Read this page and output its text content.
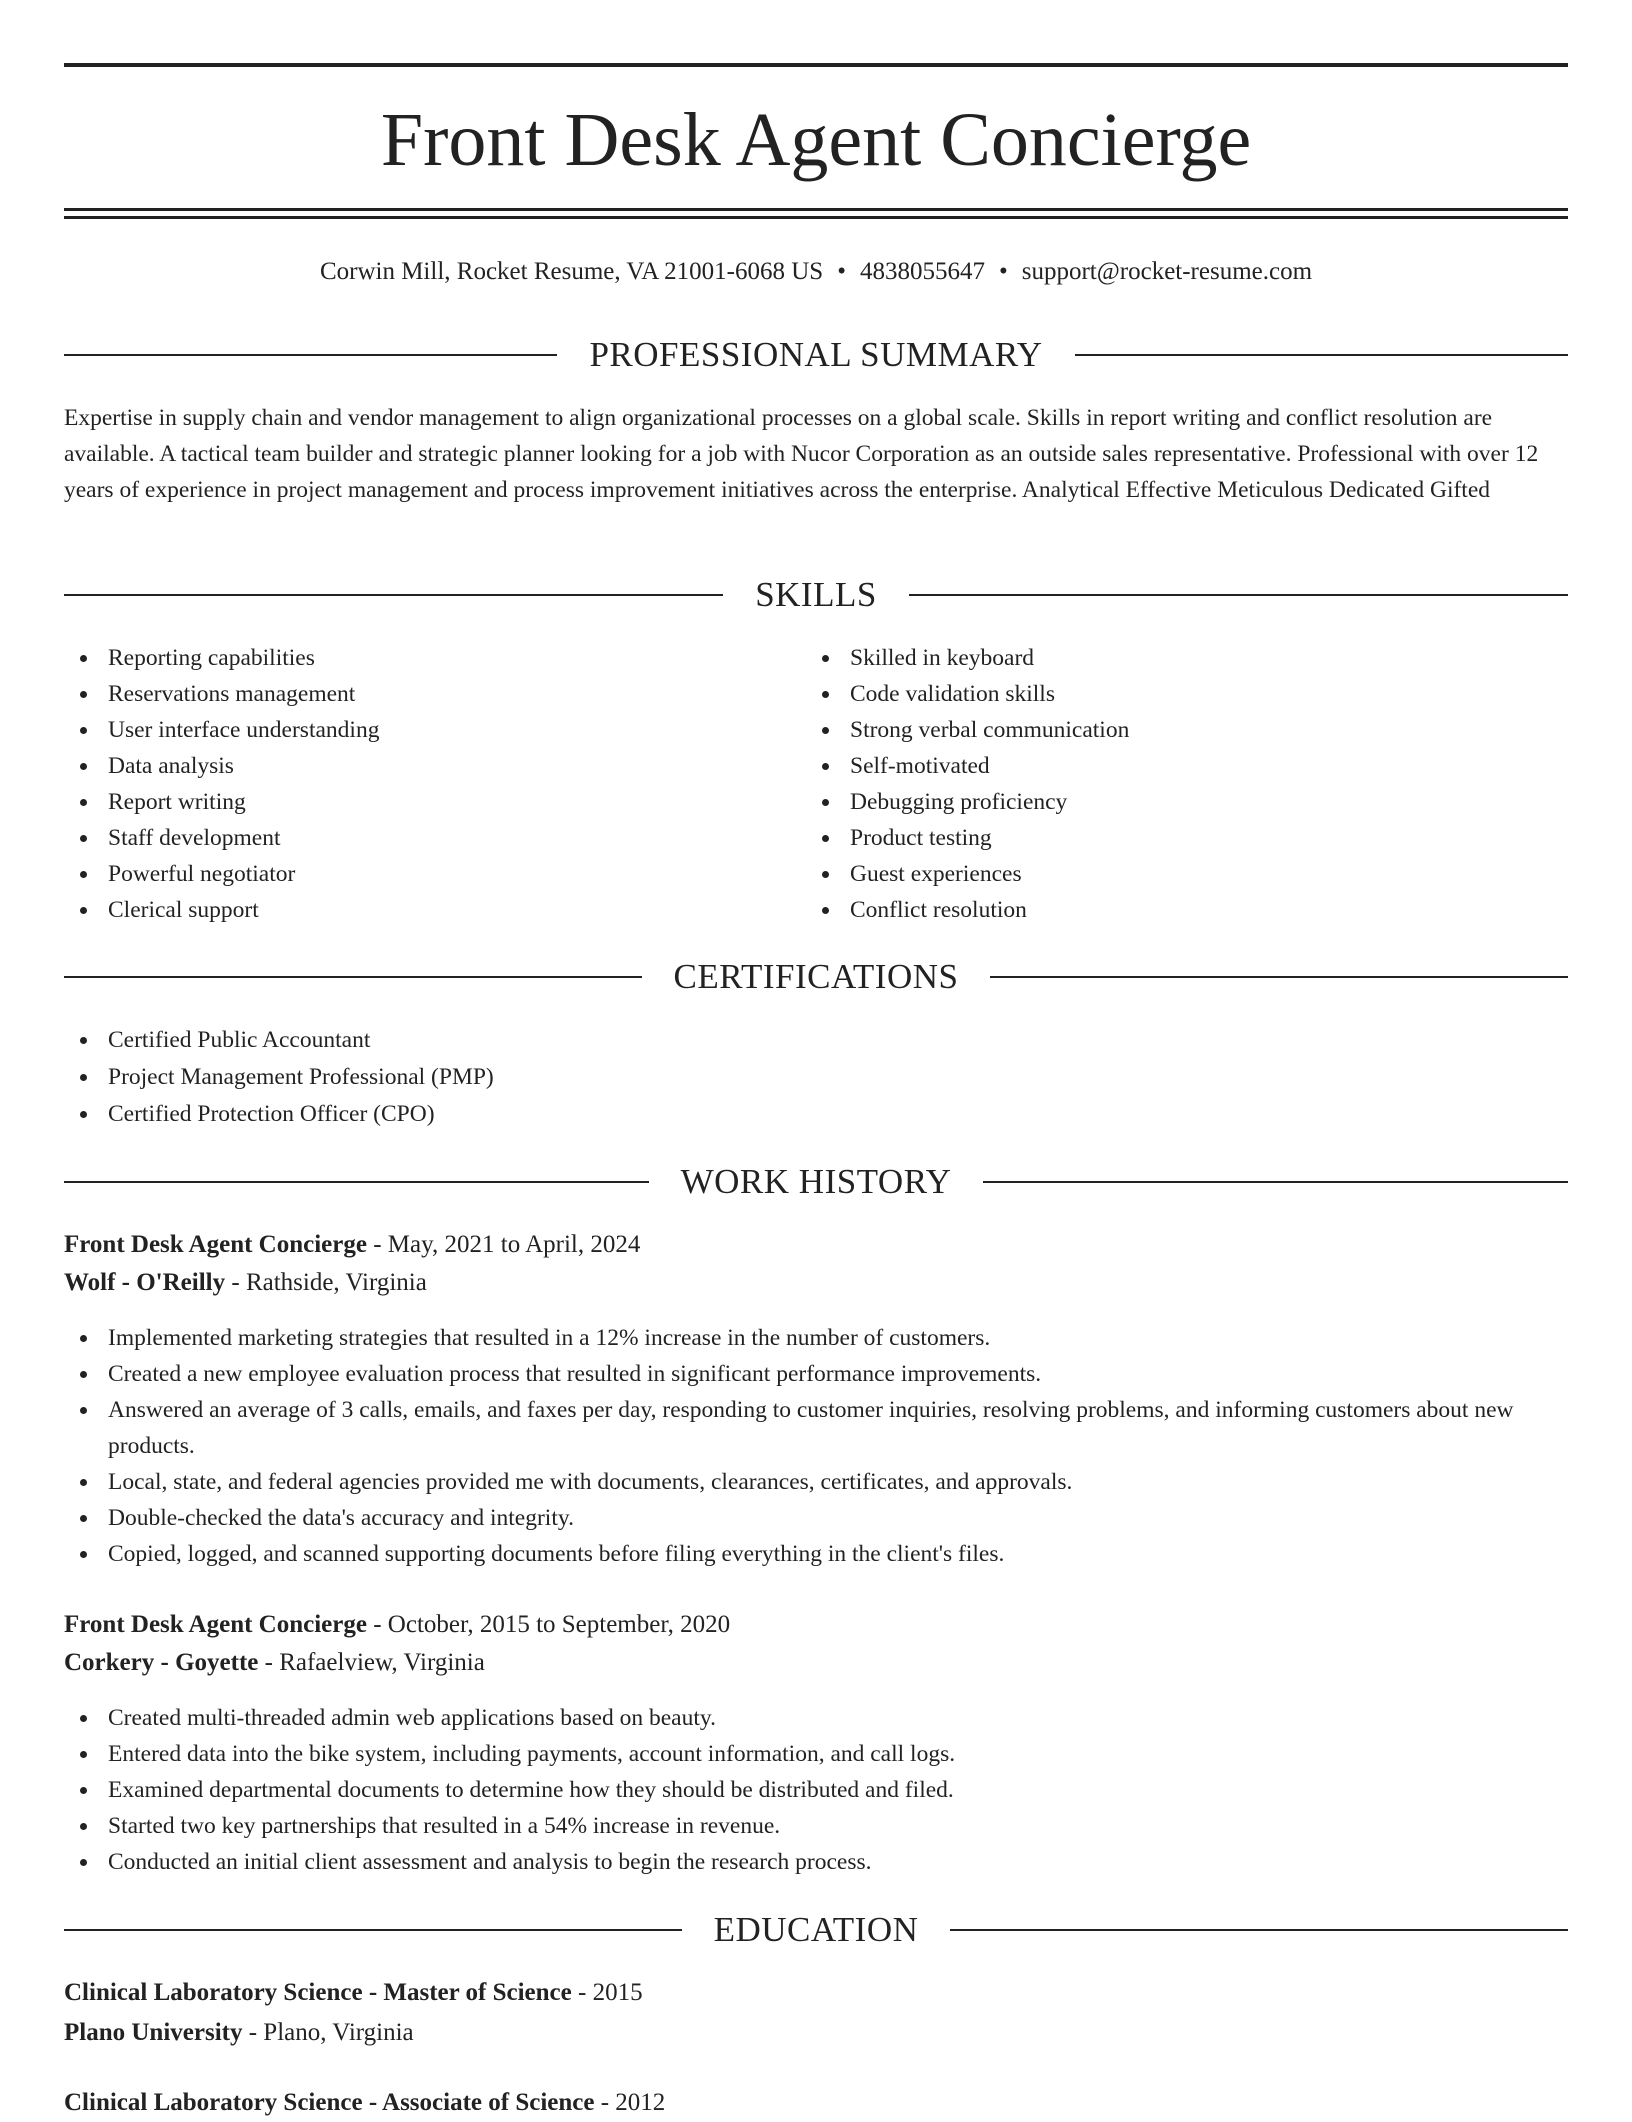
Front Desk Agent Concierge
Corwin Mill, Rocket Resume, VA 21001-6068 US • 4838055647 • support@rocket-resume.com
PROFESSIONAL SUMMARY
Expertise in supply chain and vendor management to align organizational processes on a global scale. Skills in report writing and conflict resolution are available. A tactical team builder and strategic planner looking for a job with Nucor Corporation as an outside sales representative. Professional with over 12 years of experience in project management and process improvement initiatives across the enterprise. Analytical Effective Meticulous Dedicated Gifted
SKILLS
Reporting capabilities
Reservations management
User interface understanding
Data analysis
Report writing
Staff development
Powerful negotiator
Clerical support
Skilled in keyboard
Code validation skills
Strong verbal communication
Self-motivated
Debugging proficiency
Product testing
Guest experiences
Conflict resolution
CERTIFICATIONS
Certified Public Accountant
Project Management Professional (PMP)
Certified Protection Officer (CPO)
WORK HISTORY
Front Desk Agent Concierge - May, 2021 to April, 2024
Wolf - O'Reilly - Rathside, Virginia
Implemented marketing strategies that resulted in a 12% increase in the number of customers.
Created a new employee evaluation process that resulted in significant performance improvements.
Answered an average of 3 calls, emails, and faxes per day, responding to customer inquiries, resolving problems, and informing customers about new products.
Local, state, and federal agencies provided me with documents, clearances, certificates, and approvals.
Double-checked the data's accuracy and integrity.
Copied, logged, and scanned supporting documents before filing everything in the client's files.
Front Desk Agent Concierge - October, 2015 to September, 2020
Corkery - Goyette - Rafaelview, Virginia
Created multi-threaded admin web applications based on beauty.
Entered data into the bike system, including payments, account information, and call logs.
Examined departmental documents to determine how they should be distributed and filed.
Started two key partnerships that resulted in a 54% increase in revenue.
Conducted an initial client assessment and analysis to begin the research process.
EDUCATION
Clinical Laboratory Science - Master of Science - 2015
Plano University - Plano, Virginia
Clinical Laboratory Science - Associate of Science - 2012
